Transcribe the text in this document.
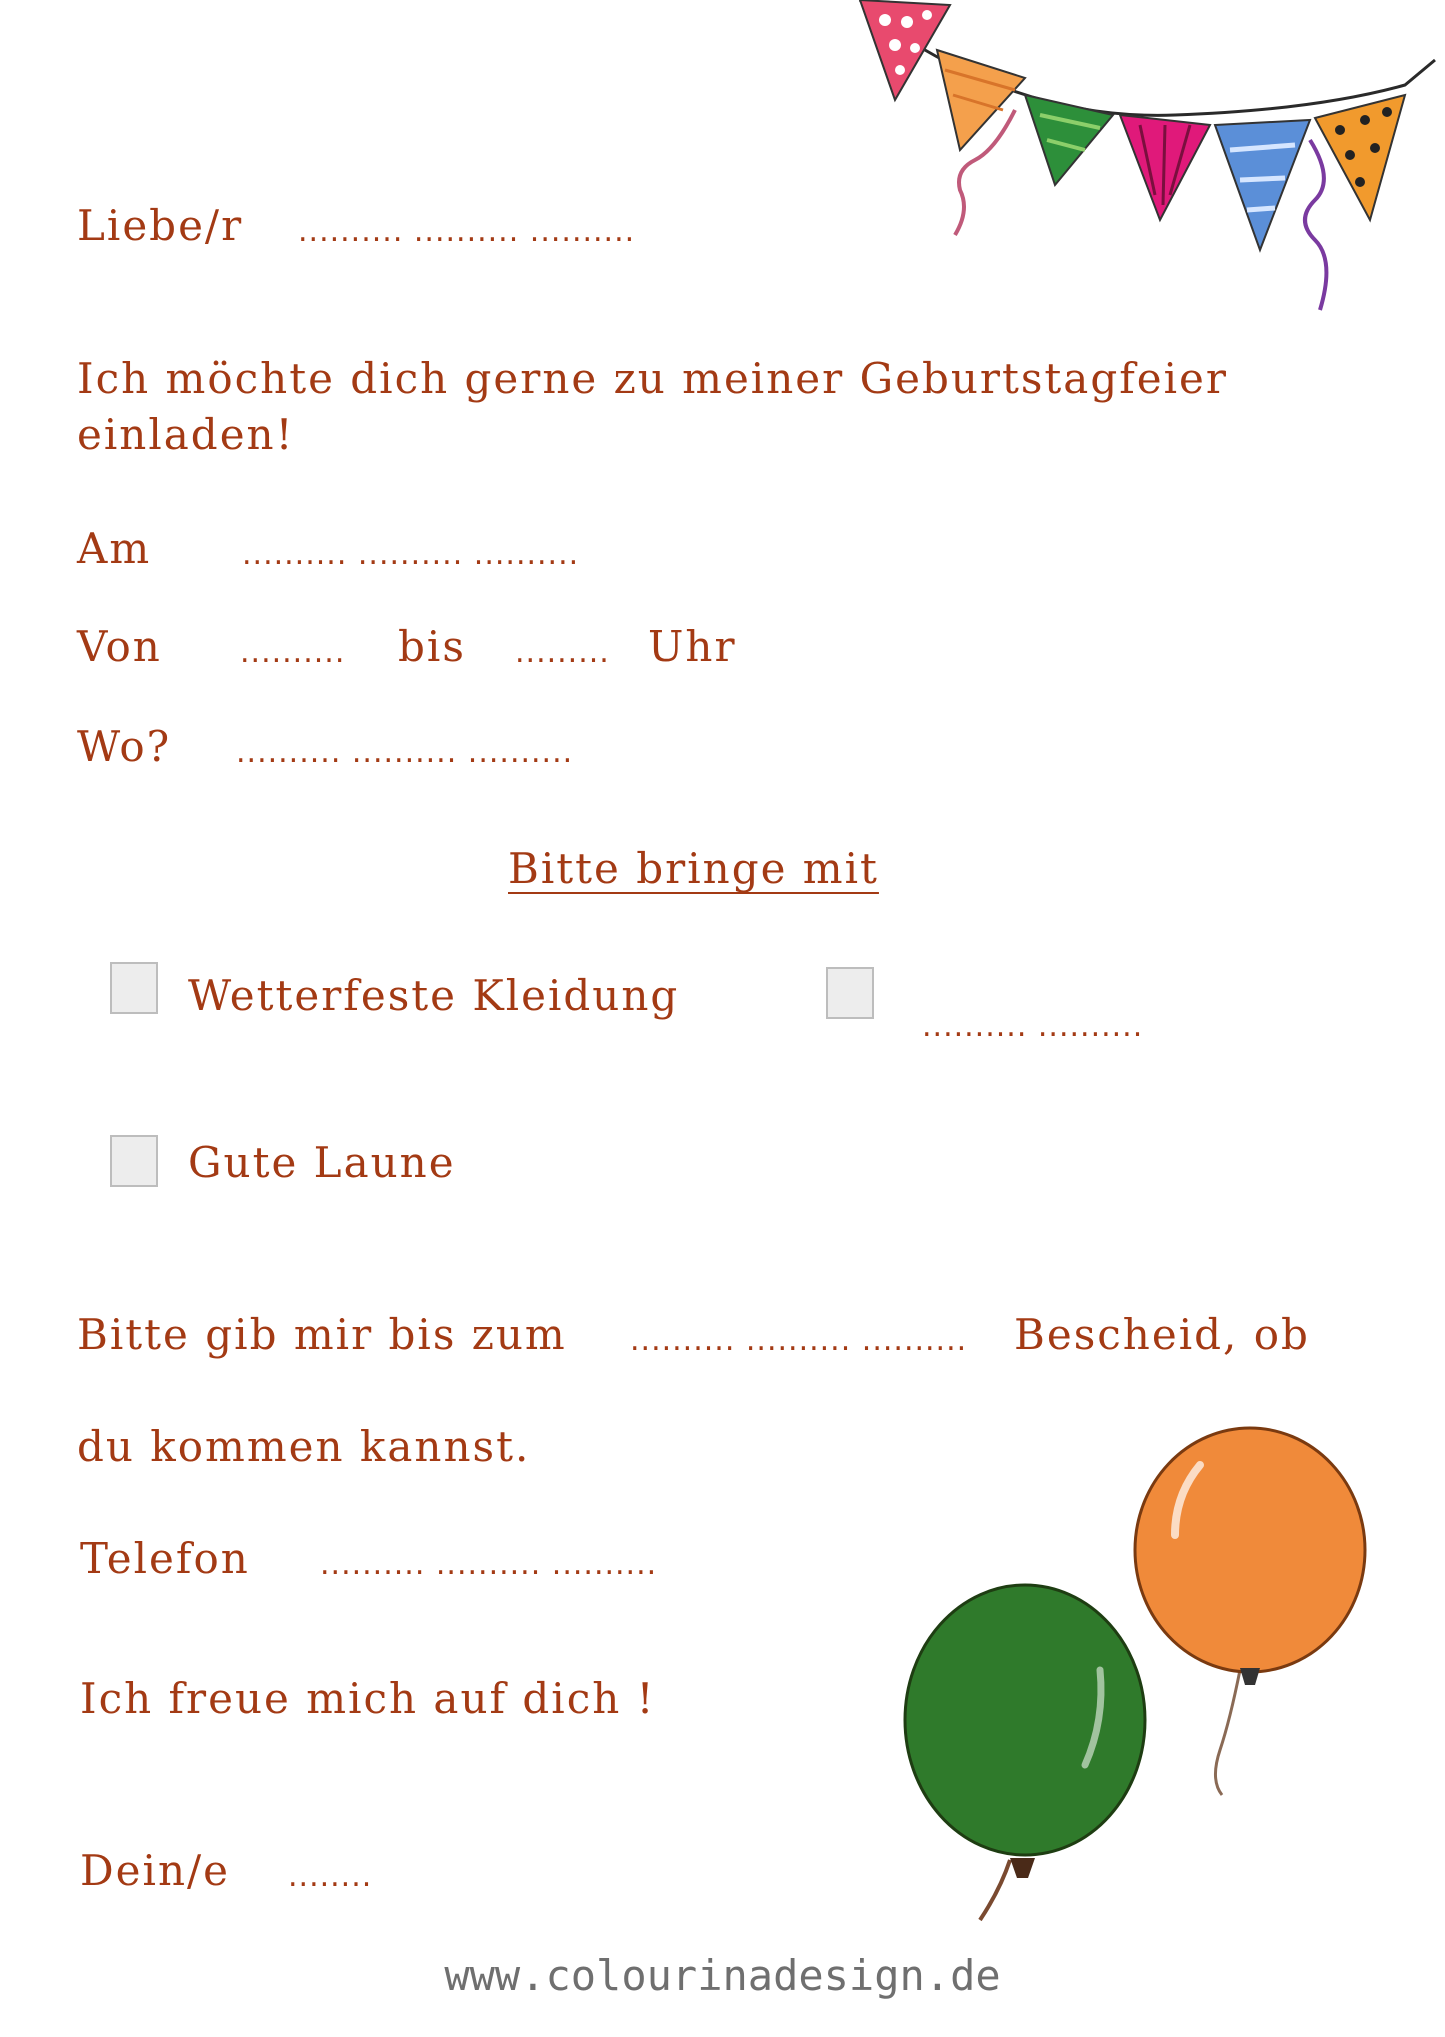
Liebe/r .......... .......... ..........
Ich möchte dich gerne zu meiner Geburtstagfeier
einladen!
Am	.......... .......... ..........
Von	.......... bis ......... Uhr
Wo? .......... .......... ..........
Bitte bringe mit
Wetterfeste Kleidung
.......... ..........
Gute Laune
Bitte gib mir bis zum .......... .......... .......... Bescheid, ob
du kommen kannst.
Telefon .......... .......... ..........
Ich freue mich auf dich !
Dein/e ........
www.colourinadesign.de
